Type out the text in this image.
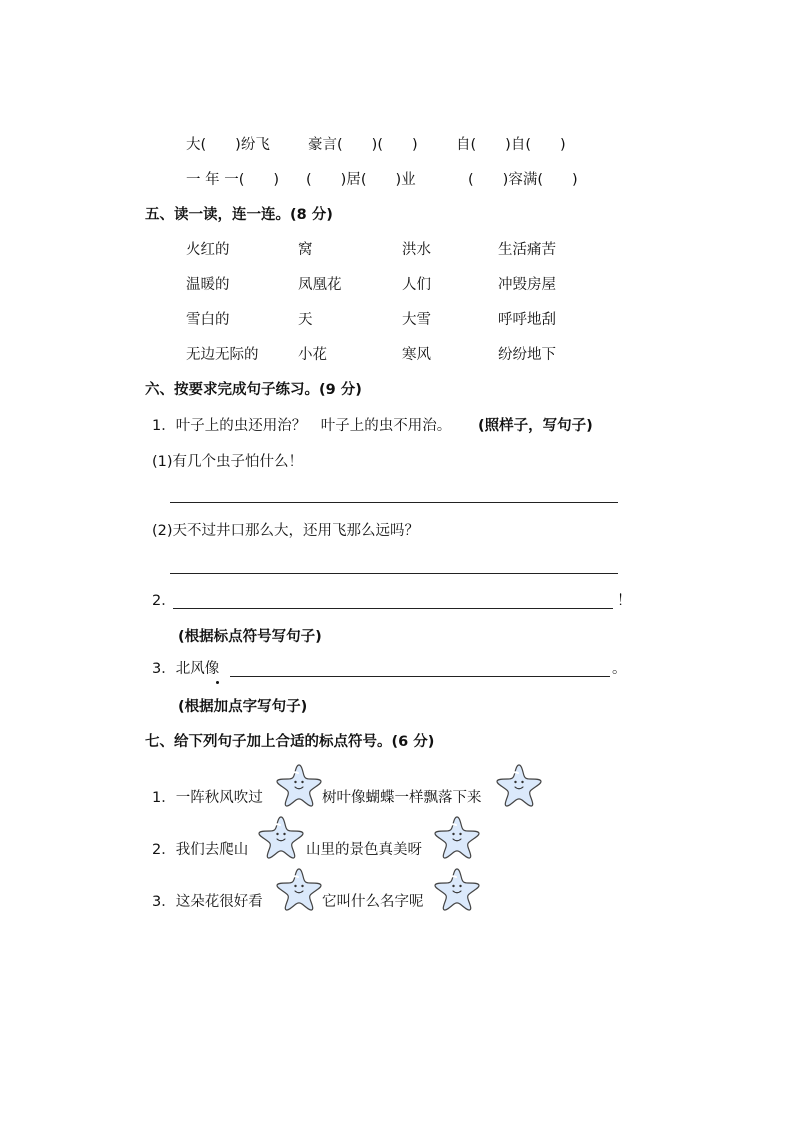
大(　　)纷飞	豪言(　　)(　　)	自(　　)自(　　)
一 年 一(　　) (　　)居(　　)业	(　　)容满(　　)
五、读一读，连一连。(8 分)
火红的	窝	洪水	生活痛苦
温暖的	凤凰花	人们	冲毁房屋
雪白的	天	大雪	呼呼地刮
无边无际的	小花	寒风	纷纷地下
六、按要求完成句子练习。(9 分)
1．叶子上的虫还用治？　叶子上的虫不用治。 (照样子，写句子)
(1)有几个虫子怕什么！
(2)天不过井口那么大，还用飞那么远吗？
2．	！
(根据标点符号写句子)
3．北风像	。
(根据加点字写句子)
七、给下列句子加上合适的标点符号。(6 分)
1．一阵秋风吹过	树叶像蝴蝶一样飘落下来
2．我们去爬山	山里的景色真美呀
3．这朵花很好看	它叫什么名字呢
